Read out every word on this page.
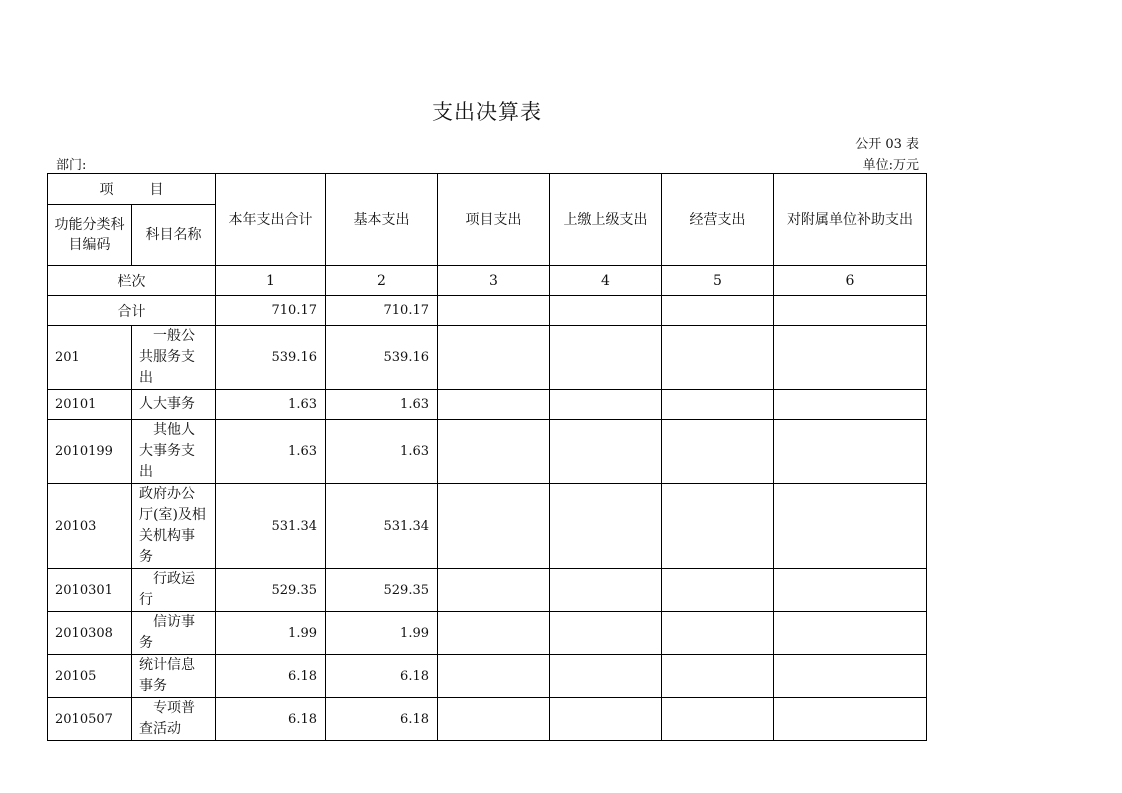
支出决算表
公开 03 表
部门:	单位:万元
项 目		本年支出合计	基本支出	项目支出	上缴上级支出	经营支出	对附属单位补助支出
功能分类科目编码	科目名称						
栏次		1	2	3	4	5	6
合计		710.17	710.17				
201	一般公共服务支出	539.16	539.16				
20101	人大事务	1.63	1.63				
2010199	其他人大事务支出	1.63	1.63				
20103	政府办公厅(室)及相关机构事务	531.34	531.34				
2010301	行政运行	529.35	529.35				
2010308	信访事务	1.99	1.99				
20105	统计信息事务	6.18	6.18				
2010507	专项普查活动	6.18	6.18				
